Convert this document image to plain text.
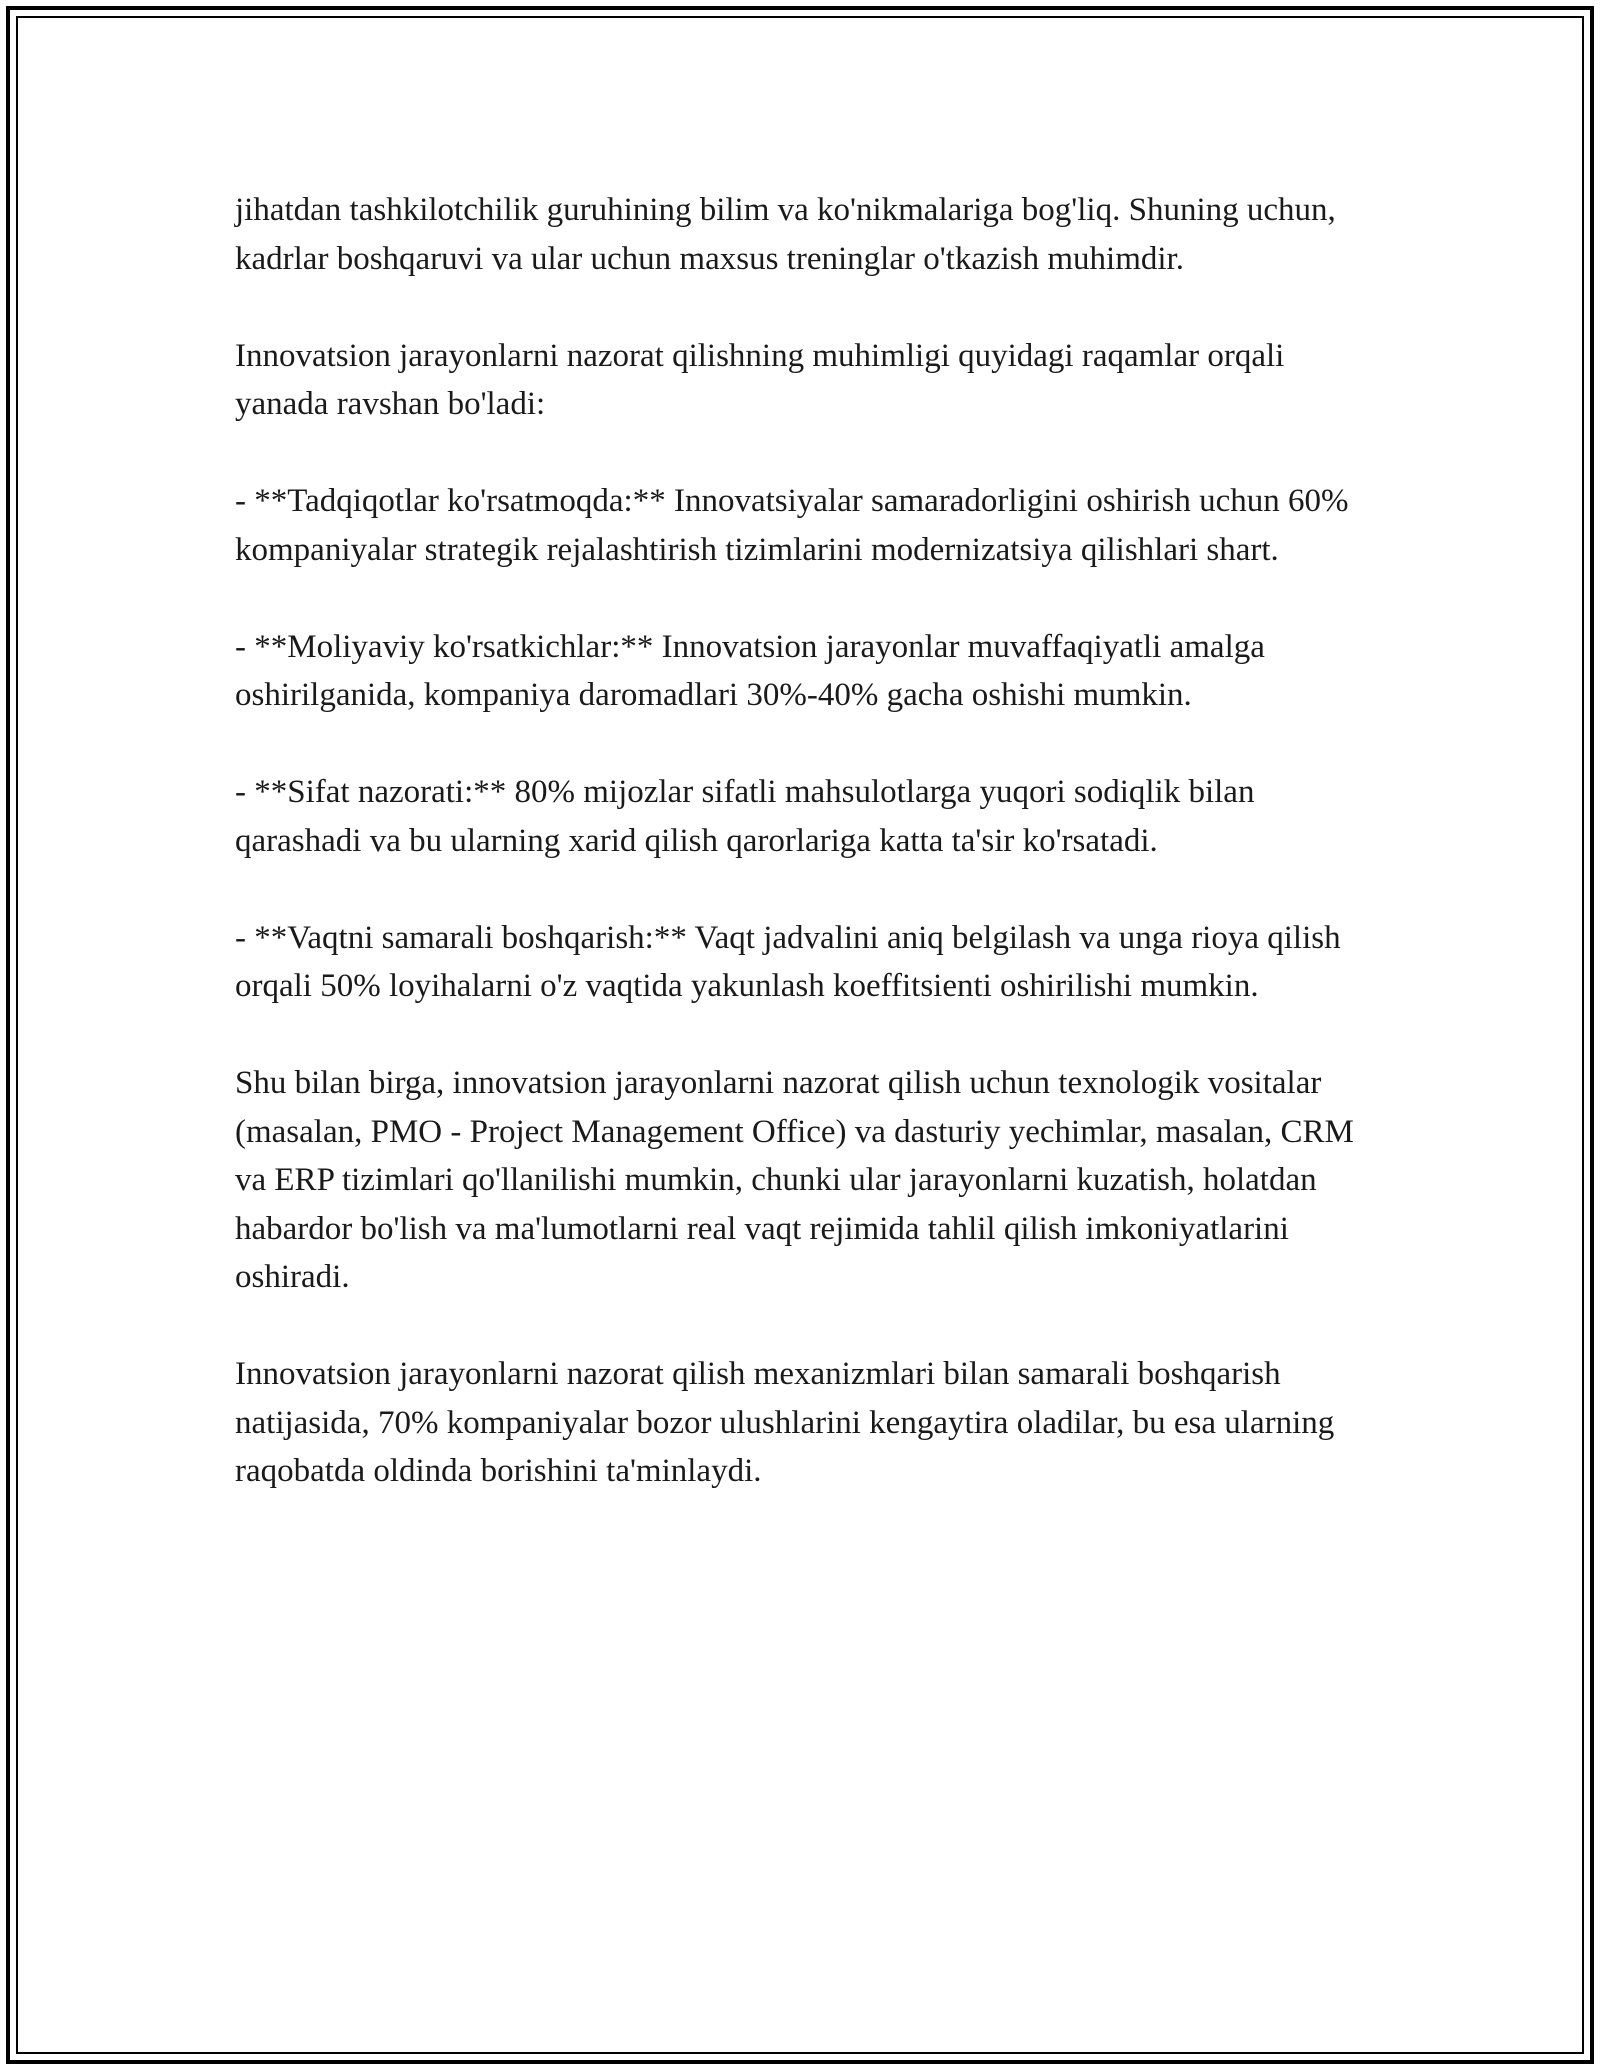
jihatdan tashkilotchilik guruhining bilim va ko'nikmalariga bog'liq. Shuning uchun, kadrlar boshqaruvi va ular uchun maxsus treninglar o'tkazish muhimdir.

Innovatsion jarayonlarni nazorat qilishning muhimligi quyidagi raqamlar orqali yanada ravshan bo'ladi:

- **Tadqiqotlar ko'rsatmoqda:** Innovatsiyalar samaradorligini oshirish uchun 60% kompaniyalar strategik rejalashtirish tizimlarini modernizatsiya qilishlari shart.

- **Moliyaviy ko'rsatkichlar:** Innovatsion jarayonlar muvaffaqiyatli amalga oshirilganida, kompaniya daromadlari 30%-40% gacha oshishi mumkin.

- **Sifat nazorati:** 80% mijozlar sifatli mahsulotlarga yuqori sodiqlik bilan qarashadi va bu ularning xarid qilish qarorlariga katta ta'sir ko'rsatadi.

- **Vaqtni samarali boshqarish:** Vaqt jadvalini aniq belgilash va unga rioya qilish orqali 50% loyihalarni o'z vaqtida yakunlash koeffitsienti oshirilishi mumkin.

Shu bilan birga, innovatsion jarayonlarni nazorat qilish uchun texnologik vositalar (masalan, PMO - Project Management Office) va dasturiy yechimlar, masalan, CRM va ERP tizimlari qo'llanilishi mumkin, chunki ular jarayonlarni kuzatish, holatdan habardor bo'lish va ma'lumotlarni real vaqt rejimida tahlil qilish imkoniyatlarini oshiradi.

Innovatsion jarayonlarni nazorat qilish mexanizmlari bilan samarali boshqarish natijasida, 70% kompaniyalar bozor ulushlarini kengaytira oladilar, bu esa ularning raqobatda oldinda borishini ta'minlaydi.
